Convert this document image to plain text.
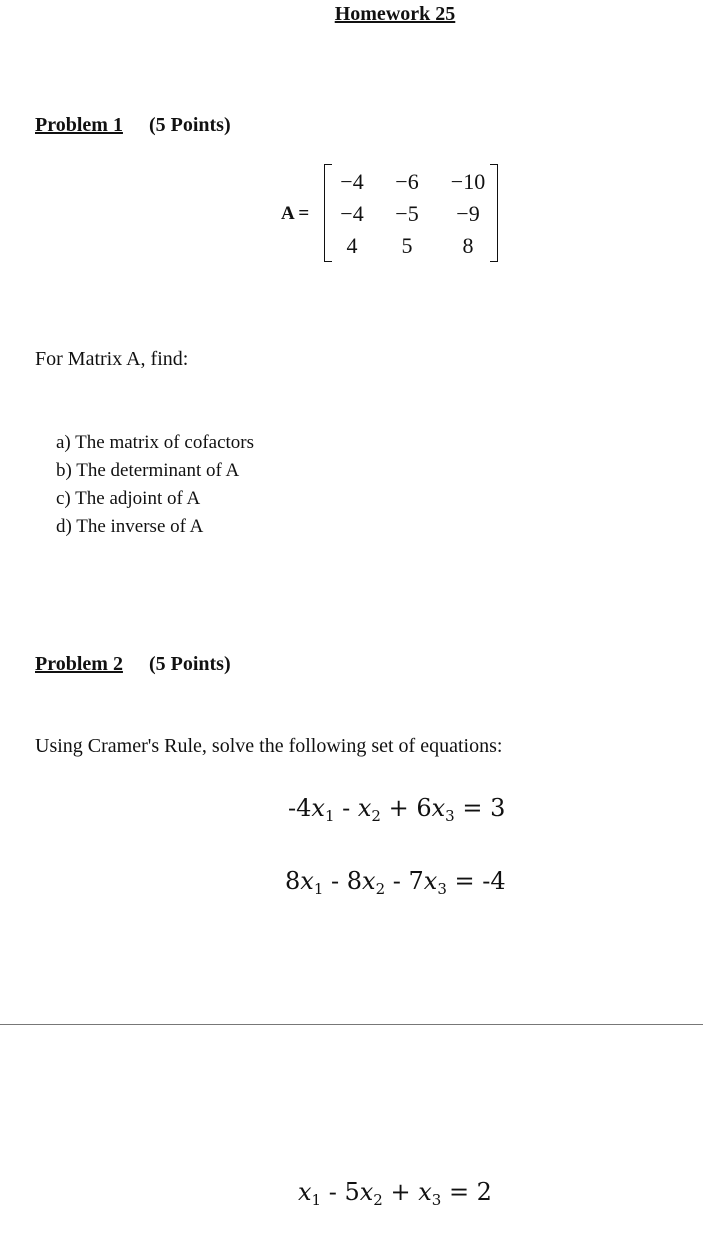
Homework 25
Problem 1 (5 Points)
A =
−4	−6	−10
−4	−5	−9
4	5	8
For Matrix A, find:
a) The matrix of cofactors
b) The determinant of A
c) The adjoint of A
d) The inverse of A
Problem 2 (5 Points)
Using Cramer's Rule, solve the following set of equations:
$-4x_1 - x_2 + 6x_3 = 3$
$8x_1 - 8x_2 - 7x_3 = -4$
$x_1 - 5x_2 + x_3 = 2$
